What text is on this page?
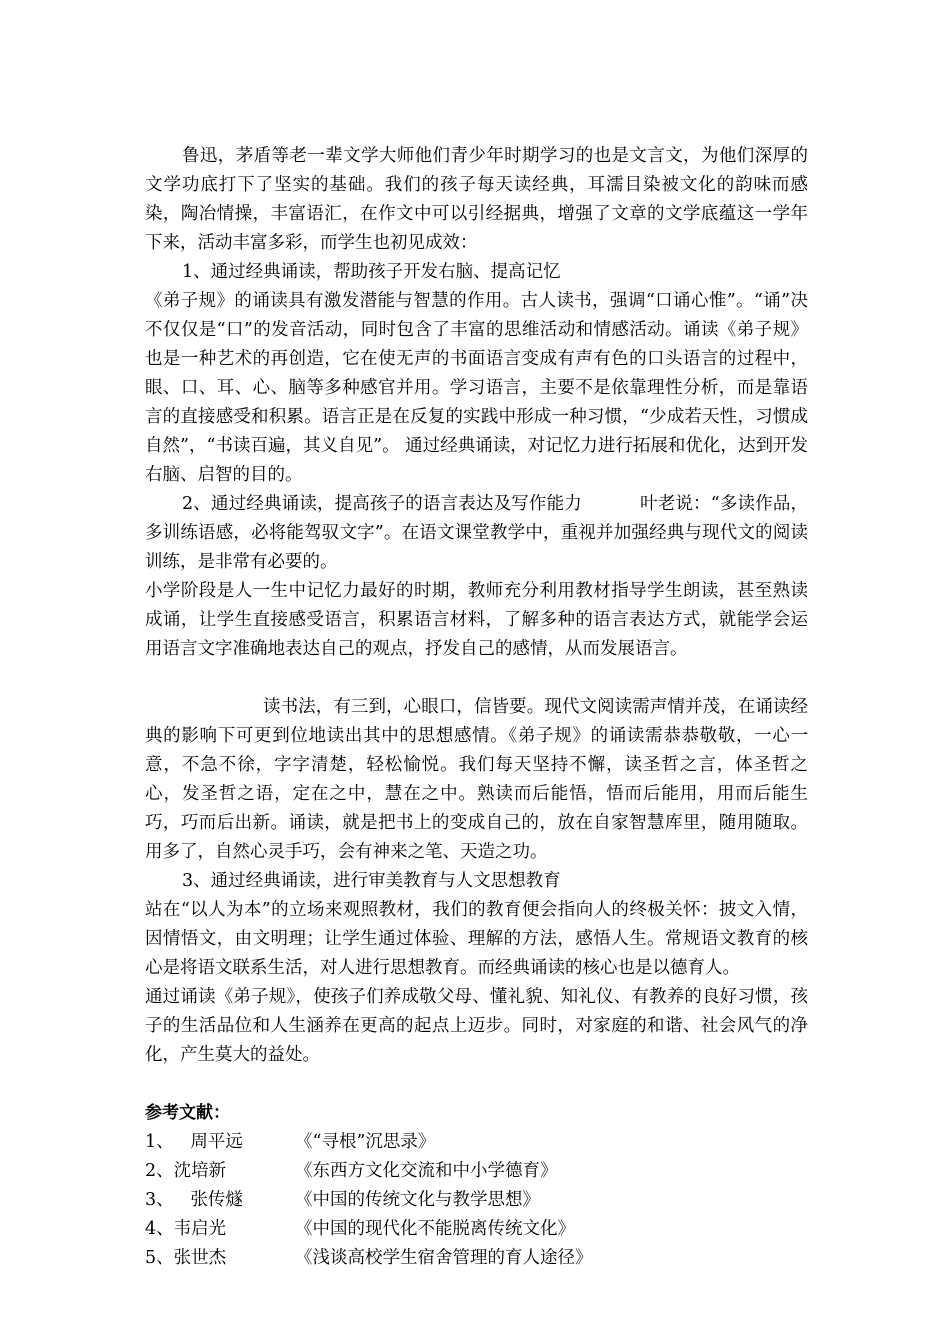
鲁迅，茅盾等老一辈文学大师他们青少年时期学习的也是文言文，为他们深厚的文学功底打下了坚实的基础。我们的孩子每天读经典，耳濡目染被文化的韵味而感染，陶冶情操，丰富语汇，在作文中可以引经据典，增强了文章的文学底蕴这一学年下来，活动丰富多彩，而学生也初见成效：

1、通过经典诵读，帮助孩子开发右脑、提高记忆

《弟子规》的诵读具有激发潜能与智慧的作用。古人读书，强调“口诵心惟”。“诵”决不仅仅是“口”的发音活动，同时包含了丰富的思维活动和情感活动。诵读《弟子规》也是一种艺术的再创造，它在使无声的书面语言变成有声有色的口头语言的过程中，眼、口、耳、心、脑等多种感官并用。学习语言，主要不是依靠理性分析，而是靠语言的直接感受和积累。语言正是在反复的实践中形成一种习惯，“少成若天性，习惯成自然”，“书读百遍，其义自见”。 通过经典诵读，对记忆力进行拓展和优化，达到开发右脑、启智的目的。

2、通过经典诵读，提高孩子的语言表达及写作能力	叶老说：“多读作品，多训练语感，必将能驾驭文字”。在语文课堂教学中，重视并加强经典与现代文的阅读训练，是非常有必要的。

小学阶段是人一生中记忆力最好的时期，教师充分利用教材指导学生朗读，甚至熟读成诵，让学生直接感受语言，积累语言材料，了解多种的语言表达方式，就能学会运用语言文字准确地表达自己的观点，抒发自己的感情，从而发展语言。

读书法，有三到，心眼口，信皆要。现代文阅读需声情并茂，在诵读经典的影响下可更到位地读出其中的思想感情。《弟子规》的诵读需恭恭敬敬，一心一意，不急不徐，字字清楚，轻松愉悦。我们每天坚持不懈，读圣哲之言，体圣哲之心，发圣哲之语，定在之中，慧在之中。熟读而后能悟，悟而后能用，用而后能生巧，巧而后出新。诵读，就是把书上的变成自己的，放在自家智慧库里，随用随取。用多了，自然心灵手巧，会有神来之笔、天造之功。

3、通过经典诵读，进行审美教育与人文思想教育

站在“以人为本”的立场来观照教材，我们的教育便会指向人的终极关怀：披文入情，因情悟文，由文明理；让学生通过体验、理解的方法，感悟人生。常规语文教育的核心是将语文联系生活，对人进行思想教育。而经典诵读的核心也是以德育人。

通过诵读《弟子规》，使孩子们养成敬父母、懂礼貌、知礼仪、有教养的良好习惯，孩子的生活品位和人生涵养在更高的起点上迈步。同时，对家庭的和谐、社会风气的净化，产生莫大的益处。

参考文献：

1、   周平远	《“寻根”沉思录》
2、沈培新	《东西方文化交流和中小学德育》
3、   张传燧	《中国的传统文化与教学思想》
4、韦启光	《中国的现代化不能脱离传统文化》
5、张世杰	《浅谈高校学生宿舍管理的育人途径》
